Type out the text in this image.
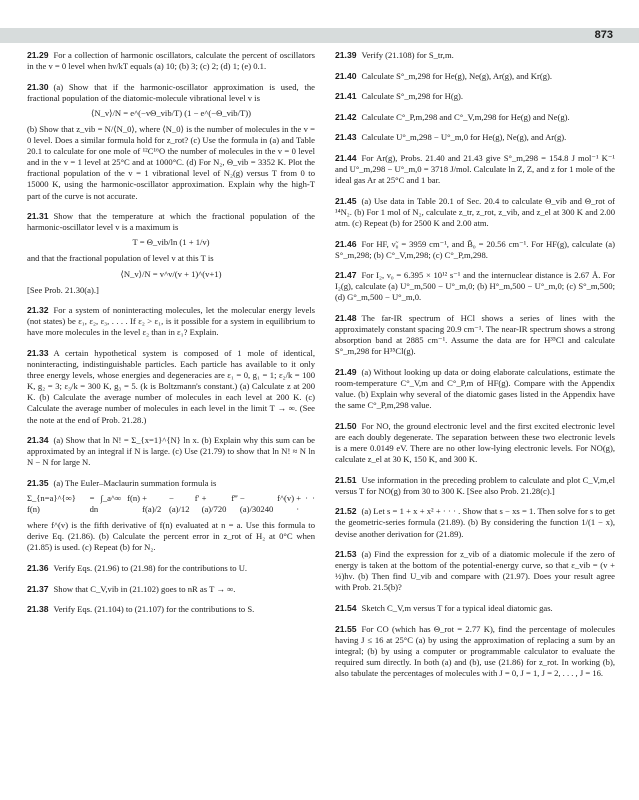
873

21.29 For a collection of harmonic oscillators, calculate the percent of oscillators in the v = 0 level when hν/kT equals (a) 10; (b) 3; (c) 2; (d) 1; (e) 0.1.

21.30 (a) Show that if the harmonic-oscillator approximation is used, the fractional population of the diatomic-molecule vibrational level v is

⟨N_v⟩/N = e^(−vΘ_vib/T) (1 − e^(−Θ_vib/T))

(b) Show that z_vib = N/⟨N_0⟩, where ⟨N_0⟩ is the number of molecules in the v = 0 level. Does a similar formula hold for z_rot? (c) Use the formula in (a) and Table 20.1 to calculate for one mole of ¹²C¹⁶O the number of molecules in the v = 0 level and in the v = 1 level at 25°C and at 1000°C. (d) For N₂, Θ_vib = 3352 K. Plot the fractional population of the v = 1 vibrational level of N₂(g) versus T from 0 to 15000 K, using the harmonic-oscillator approximation. Explain why the high-T part of the curve is not accurate.

21.31 Show that the temperature at which the fractional population of the harmonic-oscillator level v is a maximum is

T = Θ_vib/ln (1 + 1/v)

and that the fractional population of level v at this T is

⟨N_v⟩/N = v^v/(v + 1)^(v+1)

[See Prob. 21.30(a).]

21.32 For a system of noninteracting molecules, let the molecular energy levels (not states) be ε₁, ε₂, ε₃, . . . . If ε₂ > ε₁, is it possible for a system in equilibrium to have more molecules in the level ε₂ than in ε₁? Explain.

21.33 A certain hypothetical system is composed of 1 mole of identical, noninteracting, indistinguishable particles. Each particle has available to it only three energy levels, whose energies and degeneracies are ε₁ = 0, g₁ = 1; ε₂/k = 100 K, g₂ = 3; ε₃/k = 300 K, g₃ = 5. (k is Boltzmann's constant.) (a) Calculate z at 200 K. (b) Calculate the average number of molecules in each level at 200 K. (c) Calculate the average number of molecules in each level in the limit T → ∞. (See the note at the end of Prob. 21.28.)

21.34 (a) Show that ln N! = Σ_{x=1}^{N} ln x. (b) Explain why this sum can be approximated by an integral if N is large. (c) Use (21.79) to show that ln N! ≈ N ln N − N for large N.

21.35 (a) The Euler–Maclaurin summation formula is

Σ_{n=a}^{∞} f(n)

= ∫_a^∞ f(n) dn

+ f(a)/2

− f′(a)/12

+ f‴(a)/720

− f^(v)(a)/30240

+ · · ·

where f^(v) is the fifth derivative of f(n) evaluated at n = a. Use this formula to derive Eq. (21.86). (b) Calculate the percent error in z_rot of H₂ at 0°C when (21.85) is used. (c) Repeat (b) for N₂.

21.36 Verify Eqs. (21.96) to (21.98) for the contributions to U.

21.37 Show that C_V,vib in (21.102) goes to nR as T → ∞.

21.38 Verify Eqs. (21.104) to (21.107) for the contributions to S.

21.39 Verify (21.108) for S_tr,m.

21.40 Calculate S°_m,298 for He(g), Ne(g), Ar(g), and Kr(g).

21.41 Calculate S°_m,298 for H(g).

21.42 Calculate C°_P,m,298 and C°_V,m,298 for He(g) and Ne(g).

21.43 Calculate U°_m,298 − U°_m,0 for He(g), Ne(g), and Ar(g).

21.44 For Ar(g), Probs. 21.40 and 21.43 give S°_m,298 = 154.8 J mol⁻¹ K⁻¹ and U°_m,298 − U°_m,0 = 3718 J/mol. Calculate ln Z, Z, and z for 1 mole of the ideal gas Ar at 25°C and 1 bar.

21.45 (a) Use data in Table 20.1 of Sec. 20.4 to calculate Θ_vib and Θ_rot of ¹⁴N₂. (b) For 1 mol of N₂, calculate z_tr, z_rot, z_vib, and z_el at 300 K and 2.00 atm. (c) Repeat (b) for 2500 K and 2.00 atm.

21.46 For HF, ν̃₀ = 3959 cm⁻¹, and B̃₀ = 20.56 cm⁻¹. For HF(g), calculate (a) S°_m,298; (b) C°_V,m,298; (c) C°_P,m,298.

21.47 For I₂, ν₀ = 6.395 × 10¹² s⁻¹ and the internuclear distance is 2.67 Å. For I₂(g), calculate (a) U°_m,500 − U°_m,0; (b) H°_m,500 − U°_m,0; (c) S°_m,500; (d) G°_m,500 − U°_m,0.

21.48 The far-IR spectrum of HCl shows a series of lines with the approximately constant spacing 20.9 cm⁻¹. The near-IR spectrum shows a strong absorption band at 2885 cm⁻¹. Assume the data are for H³⁵Cl and calculate S°_m,298 for H³⁵Cl(g).

21.49 (a) Without looking up data or doing elaborate calculations, estimate the room-temperature C°_V,m and C°_P,m of HF(g). Compare with the Appendix value. (b) Explain why several of the diatomic gases listed in the Appendix have the same C°_P,m,298 value.

21.50 For NO, the ground electronic level and the first excited electronic level are each doubly degenerate. The separation between these two electronic levels is a mere 0.0149 eV. There are no other low-lying electronic levels. For NO(g), calculate z_el at 30 K, 150 K, and 300 K.

21.51 Use information in the preceding problem to calculate and plot C_V,m,el versus T for NO(g) from 30 to 300 K. [See also Prob. 21.28(c).]

21.52 (a) Let s = 1 + x + x² + · · · . Show that s − xs = 1. Then solve for s to get the geometric-series formula (21.89). (b) By considering the function 1/(1 − x), devise another derivation for (21.89).

21.53 (a) Find the expression for z_vib of a diatomic molecule if the zero of energy is taken at the bottom of the potential-energy curve, so that ε_vib = (v + ½)hν. (b) Then find U_vib and compare with (21.97). Does your result agree with Prob. 21.5(b)?

21.54 Sketch C_V,m versus T for a typical ideal diatomic gas.

21.55 For CO (which has Θ_rot = 2.77 K), find the percentage of molecules having J ≤ 16 at 25°C (a) by using the approximation of replacing a sum by an integral; (b) by using a computer or programmable calculator to evaluate the required sum directly. In both (a) and (b), use (21.86) for z_rot. In working (b), also tabulate the percentages of molecules with J = 0, J = 1, J = 2, . . . , J = 16.
